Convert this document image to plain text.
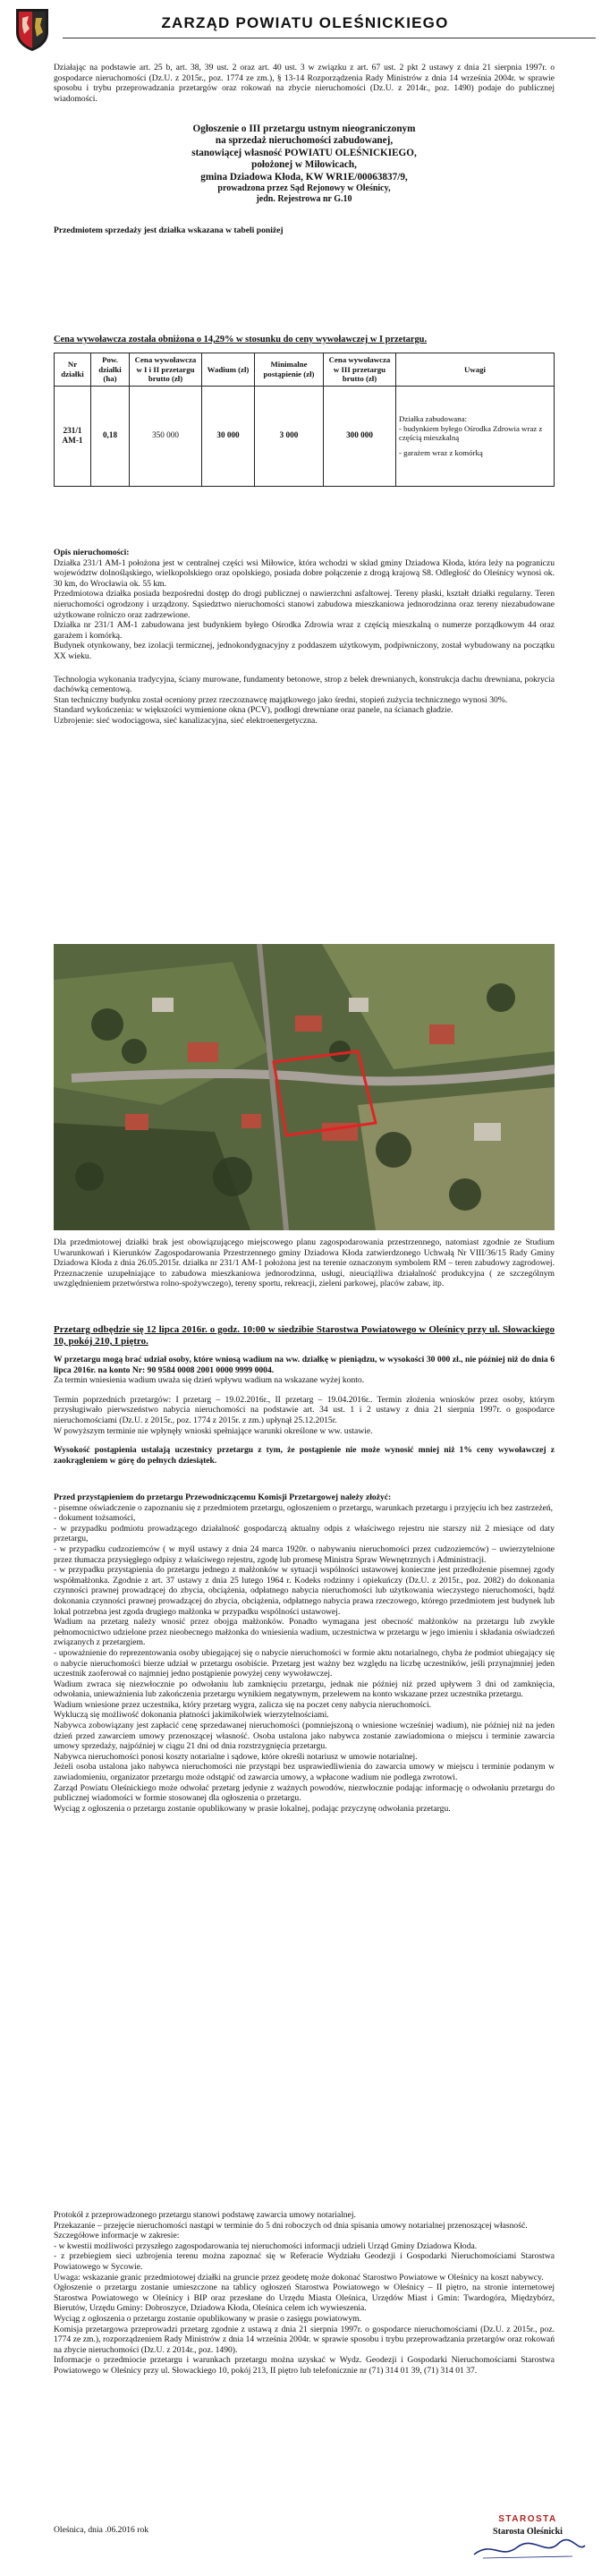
ZARZĄD POWIATU OLEŚNICKIEGO

Działając na podstawie art. 25 b, art. 38, 39 ust. 2 oraz art. 40 ust. 3 w związku z art. 67 ust. 2 pkt 2 ustawy z dnia 21 sierpnia 1997r. o gospodarce nieruchomości (Dz.U. z 2015r., poz. 1774 ze zm.), § 13-14 Rozporządzenia Rady Ministrów z dnia 14 września 2004r. w sprawie sposobu i trybu przeprowadzania przetargów oraz rokowań na zbycie nieruchomości (Dz.U. z 2014r., poz. 1490) podaje do publicznej wiadomości.

Ogłoszenie o III przetargu ustnym nieograniczonym
na sprzedaż nieruchomości zabudowanej,
stanowiącej własność POWIATU OLEŚNICKIEGO,
położonej w Miłowicach,
gmina Dziadowa Kłoda, KW WR1E/00063837/9,
prowadzona przez Sąd Rejonowy w Oleśnicy,
jedn. Rejestrowa nr G.10

Przedmiotem sprzedaży jest działka wskazana w tabeli poniżej

Cena wywoławcza została obniżona o 14,29% w stosunku do ceny wywoławczej w I przetargu.

Nr działki	Pow. działki (ha)	Cena wywoławcza w I i II przetargu brutto (zł)	Wadium (zł)	Minimalne postąpienie (zł)	Cena wywoławcza w III przetargu brutto (zł)	Uwagi
231/1 AM-1	0,18	350 000	30 000	3 000	300 000	Działka zabudowana:
- budynkiem byłego Ośrodka Zdrowia wraz z częścią mieszkalną
- garażem wraz z komórką

Opis nieruchomości:

Działka 231/1 AM-1 położona jest w centralnej części wsi Miłowice, która wchodzi w skład gminy Dziadowa Kłoda, która leży na pograniczu województw dolnośląskiego, wielkopolskiego oraz opolskiego, posiada dobre połączenie z drogą krajową S8. Odległość do Oleśnicy wynosi ok. 30 km, do Wrocławia ok. 55 km.

Przedmiotowa działka posiada bezpośredni dostęp do drogi publicznej o nawierzchni asfaltowej. Tereny płaski, kształt działki regularny. Teren nieruchomości ogrodzony i urządzony. Sąsiedztwo nieruchomości stanowi zabudowa mieszkaniowa jednorodzinna oraz tereny niezabudowane użytkowane rolniczo oraz zadrzewione.

Działka nr 231/1 AM-1 zabudowana jest budynkiem byłego Ośrodka Zdrowia wraz z częścią mieszkalną o numerze porządkowym 44 oraz garażem i komórką.

Budynek otynkowany, bez izolacji termicznej, jednokondygnacyjny z poddaszem użytkowym, podpiwniczony, został wybudowany na początku XX wieku.

Technologia wykonania tradycyjna, ściany murowane, fundamenty betonowe, strop z belek drewnianych, konstrukcja dachu drewniana, pokrycia dachówką cementową.

Stan techniczny budynku został oceniony przez rzeczoznawcę majątkowego jako średni, stopień zużycia technicznego wynosi 30%.

Standard wykończenia: w większości wymienione okna (PCV), podłogi drewniane oraz panele, na ścianach gładzie.

Uzbrojenie: sieć wodociągowa, sieć kanalizacyjna, sieć elektroenergetyczna.

Dla przedmiotowej działki brak jest obowiązującego miejscowego planu zagospodarowania przestrzennego, natomiast zgodnie ze Studium Uwarunkowań i Kierunków Zagospodarowania Przestrzennego gminy Dziadowa Kłoda zatwierdzonego Uchwałą Nr VIII/36/15 Rady Gminy Dziadowa Kłoda z dnia 26.05.2015r. działka nr 231/1 AM-1 położona jest na terenie oznaczonym symbolem RM – teren zabudowy zagrodowej. Przeznaczenie uzupełniające to zabudowa mieszkaniowa jednorodzinna, usługi, nieuciążliwa działalność produkcyjna ( ze szczególnym uwzględnieniem przetwórstwa rolno-spożywczego), tereny sportu, rekreacji, zieleni parkowej, placów zabaw, itp.

Przetarg odbędzie się 12 lipca 2016r. o godz. 10:00 w siedzibie Starostwa Powiatowego w Oleśnicy przy ul. Słowackiego 10, pokój 210, I piętro.

W przetargu mogą brać udział osoby, które wniosą wadium na ww. działkę w pieniądzu, w wysokości 30 000 zł., nie później niż do dnia 6 lipca 2016r. na konto Nr: 90 9584 0008 2001 0000 9999 0004.

Za termin wniesienia wadium uważa się dzień wpływu wadium na wskazane wyżej konto.

Termin poprzednich przetargów: I przetarg – 19.02.2016r., II przetarg – 19.04.2016r.. Termin złożenia wniosków przez osoby, którym przysługiwało pierwszeństwo nabycia nieruchomości na podstawie art. 34 ust. 1 i 2 ustawy z dnia 21 sierpnia 1997r. o gospodarce nieruchomościami (Dz.U. z 2015r., poz. 1774 z 2015r. z zm.) upłynął 25.12.2015r.

W powyższym terminie nie wpłynęły wnioski spełniające warunki określone w ww. ustawie.

Wysokość postąpienia ustalają uczestnicy przetargu z tym, że postąpienie nie może wynosić mniej niż 1% ceny wywoławczej z zaokrągleniem w górę do pełnych dziesiątek.

Przed przystąpieniem do przetargu Przewodniczącemu Komisji Przetargowej należy złożyć:

- pisemne oświadczenie o zapoznaniu się z przedmiotem przetargu, ogłoszeniem o przetargu, warunkach przetargu i przyjęciu ich bez zastrzeżeń,
- dokument tożsamości,
- w przypadku podmiotu prowadzącego działalność gospodarczą aktualny odpis z właściwego rejestru nie starszy niż 2 miesiące od daty przetargu,
- w przypadku cudzoziemców ( w myśl ustawy z dnia 24 marca 1920r. o nabywaniu nieruchomości przez cudzoziemców) – uwierzytelnione przez tłumacza przysięgłego odpisy z właściwego rejestru, zgodę lub promesę Ministra Spraw Wewnętrznych i Administracji.
- w przypadku przystąpienia do przetargu jednego z małżonków w sytuacji wspólności ustawowej konieczne jest przedłożenie pisemnej zgody współmałżonka. Zgodnie z art. 37 ustawy z dnia 25 lutego 1964 r. Kodeks rodzinny i opiekuńczy (Dz.U. z 2015r., poz. 2082) do dokonania czynności prawnej prowadzącej do zbycia, obciążenia, odpłatnego nabycia nieruchomości lub użytkowania wieczystego nieruchomości, bądź dokonania czynności prawnej prowadzącej do zbycia, obciążenia, odpłatnego nabycia prawa rzeczowego, którego przedmiotem jest budynek lub lokal potrzebna jest zgoda drugiego małżonka w przypadku wspólności ustawowej.
Wadium na przetarg należy wnosić przez obojga małżonków. Ponadto wymagana jest obecność małżonków na przetargu lub zwykłe pełnomocnictwo udzielone przez nieobecnego małżonka do wniesienia wadium, uczestnictwa w przetargu w jego imieniu i składania oświadczeń związanych z przetargiem.
- upoważnienie do reprezentowania osoby ubiegającej się o nabycie nieruchomości w formie aktu notarialnego, chyba że podmiot ubiegający się o nabycie nieruchomości bierze udział w przetargu osobiście. Przetarg jest ważny bez względu na liczbę uczestników, jeśli przynajmniej jeden uczestnik zaoferował co najmniej jedno postąpienie powyżej ceny wywoławczej.
Wadium zwraca się niezwłocznie po odwołaniu lub zamknięciu przetargu, jednak nie później niż przed upływem 3 dni od zamknięcia, odwołania, unieważnienia lub zakończenia przetargu wynikiem negatywnym, przelewem na konto wskazane przez uczestnika przetargu.
Wadium wniesione przez uczestnika, który przetarg wygra, zalicza się na poczet ceny nabycia nieruchomości.
Wykluczą się możliwość dokonania płatności jakimikolwiek wierzytelnościami.
Nabywca zobowiązany jest zapłacić cenę sprzedawanej nieruchomości (pomniejszoną o wniesione wcześniej wadium), nie później niż na jeden dzień przed zawarciem umowy przenoszącej własność. Osoba ustalona jako nabywca zostanie zawiadomiona o miejscu i terminie zawarcia umowy sprzedaży, najpóźniej w ciągu 21 dni od dnia rozstrzygnięcia przetargu.
Nabywca nieruchomości ponosi koszty notarialne i sądowe, które określi notariusz w umowie notarialnej.
Jeżeli osoba ustalona jako nabywca nieruchomości nie przystąpi bez usprawiedliwienia do zawarcia umowy w miejscu i terminie podanym w zawiadomieniu, organizator przetargu może odstąpić od zawarcia umowy, a wpłacone wadium nie podlega zwrotowi.
Zarząd Powiatu Oleśnickiego może odwołać przetarg jedynie z ważnych powodów, niezwłocznie podając informację o odwołaniu przetargu do publicznej wiadomości w formie stosowanej dla ogłoszenia o przetargu.
Wyciąg z ogłoszenia o przetargu zostanie opublikowany w prasie lokalnej, podając przyczynę odwołania przetargu.

Protokół z przeprowadzonego przetargu stanowi podstawę zawarcia umowy notarialnej.

Przekazanie – przejęcie nieruchomości nastąpi w terminie do 5 dni roboczych od dnia spisania umowy notarialnej przenoszącej własność.

Szczegółowe informacje w zakresie:

- w kwestii możliwości przyszłego zagospodarowania tej nieruchomości informacji udzieli Urząd Gminy Dziadowa Kłoda.

- z przebiegiem sieci uzbrojenia terenu można zapoznać się w Referacie Wydziału Geodezji i Gospodarki Nieruchomościami Starostwa Powiatowego w Sycowie.

Uwaga: wskazanie granic przedmiotowej działki na gruncie przez geodetę może dokonać Starostwo Powiatowe w Oleśnicy na koszt nabywcy.

Ogłoszenie o przetargu zostanie umieszczone na tablicy ogłoszeń Starostwa Powiatowego w Oleśnicy – II piętro, na stronie internetowej Starostwa Powiatowego w Oleśnicy i BIP oraz przesłane do Urzędu Miasta Oleśnica, Urzędów Miast i Gmin: Twardogóra, Międzybórz, Bierutów, Urzędu Gminy: Dobroszyce, Dziadowa Kłoda, Oleśnica celem ich wywieszenia.

Wyciąg z ogłoszenia o przetargu zostanie opublikowany w prasie o zasięgu powiatowym.

Komisja przetargowa przeprowadzi przetarg zgodnie z ustawą z dnia 21 sierpnia 1997r. o gospodarce nieruchomościami (Dz.U. z 2015r., poz. 1774 ze zm.), rozporządzeniem Rady Ministrów z dnia 14 września 2004r. w sprawie sposobu i trybu przeprowadzania przetargów oraz rokowań na zbycie nieruchomości (Dz.U. z 2014r., poz. 1490).

Informacje o przedmiocie przetargu i warunkach przetargu można uzyskać w Wydz. Geodezji i Gospodarki Nieruchomościami Starostwa Powiatowego w Oleśnicy przy ul. Słowackiego 10, pokój 213, II piętro lub telefonicznie nr (71) 314 01 39, (71) 314 01 37.

Oleśnica, dnia .06.2016 rok

STAROSTA
Starosta Oleśnicki
